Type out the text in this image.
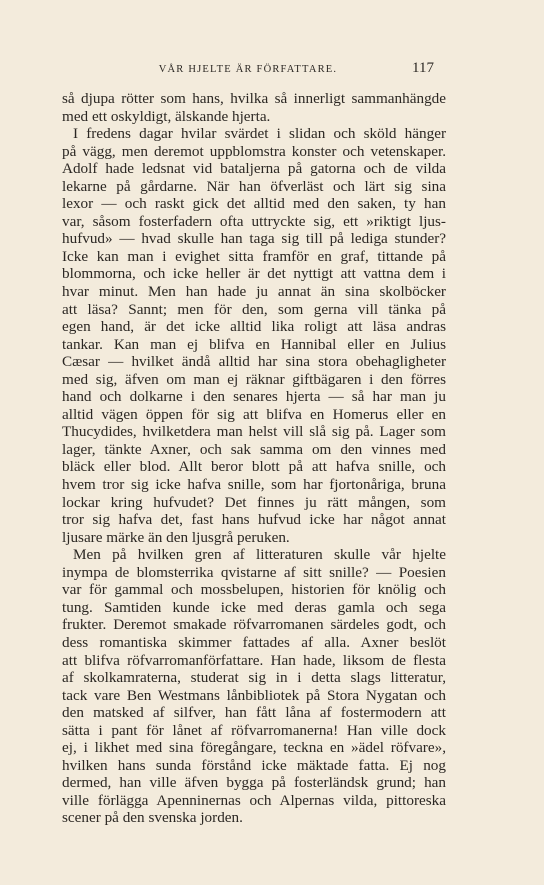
VÅR HJELTE ÄR FÖRFATTARE.	117
så djupa rötter som hans, hvilka så innerligt sammanhängde
med ett oskyldigt, älskande hjerta.
I fredens dagar hvilar svärdet i slidan och sköld hänger
på vägg, men deremot uppblomstra konster och vetenskaper.
Adolf hade ledsnat vid bataljerna på gatorna och de vilda
lekarne på gårdarne. När han öfverläst och lärt sig sina
lexor — och raskt gick det alltid med den saken, ty han
var, såsom fosterfadern ofta uttryckte sig, ett »riktigt ljus-
hufvud» — hvad skulle han taga sig till på lediga stunder?
Icke kan man i evighet sitta framför en graf, tittande på
blommorna, och icke heller är det nyttigt att vattna dem i
hvar minut. Men han hade ju annat än sina skolböcker
att läsa? Sannt; men för den, som gerna vill tänka på
egen hand, är det icke alltid lika roligt att läsa andras
tankar. Kan man ej blifva en Hannibal eller en Julius
Cæsar — hvilket ändå alltid har sina stora obehagligheter
med sig, äfven om man ej räknar giftbägaren i den förres
hand och dolkarne i den senares hjerta — så har man ju
alltid vägen öppen för sig att blifva en Homerus eller en
Thucydides, hvilketdera man helst vill slå sig på. Lager som
lager, tänkte Axner, och sak samma om den vinnes med
bläck eller blod. Allt beror blott på att hafva snille, och
hvem tror sig icke hafva snille, som har fjortonåriga, bruna
lockar kring hufvudet? Det finnes ju rätt mången, som
tror sig hafva det, fast hans hufvud icke har något annat
ljusare märke än den ljusgrå peruken.
Men på hvilken gren af litteraturen skulle vår hjelte
inympa de blomsterrika qvistarne af sitt snille? — Poesien
var för gammal och mossbelupen, historien för knölig och
tung. Samtiden kunde icke med deras gamla och sega
frukter. Deremot smakade röfvarromanen särdeles godt, och
dess romantiska skimmer fattades af alla. Axner beslöt
att blifva röfvarromanförfattare. Han hade, liksom de flesta
af skolkamraterna, studerat sig in i detta slags litteratur,
tack vare Ben Westmans lånbibliotek på Stora Nygatan och
den matsked af silfver, han fått låna af fostermodern att
sätta i pant för lånet af röfvarromanerna! Han ville dock
ej, i likhet med sina föregångare, teckna en »ädel röfvare»,
hvilken hans sunda förstånd icke mäktade fatta. Ej nog
dermed, han ville äfven bygga på fosterländsk grund; han
ville förlägga Apenninernas och Alpernas vilda, pittoreska
scener på den svenska jorden.
